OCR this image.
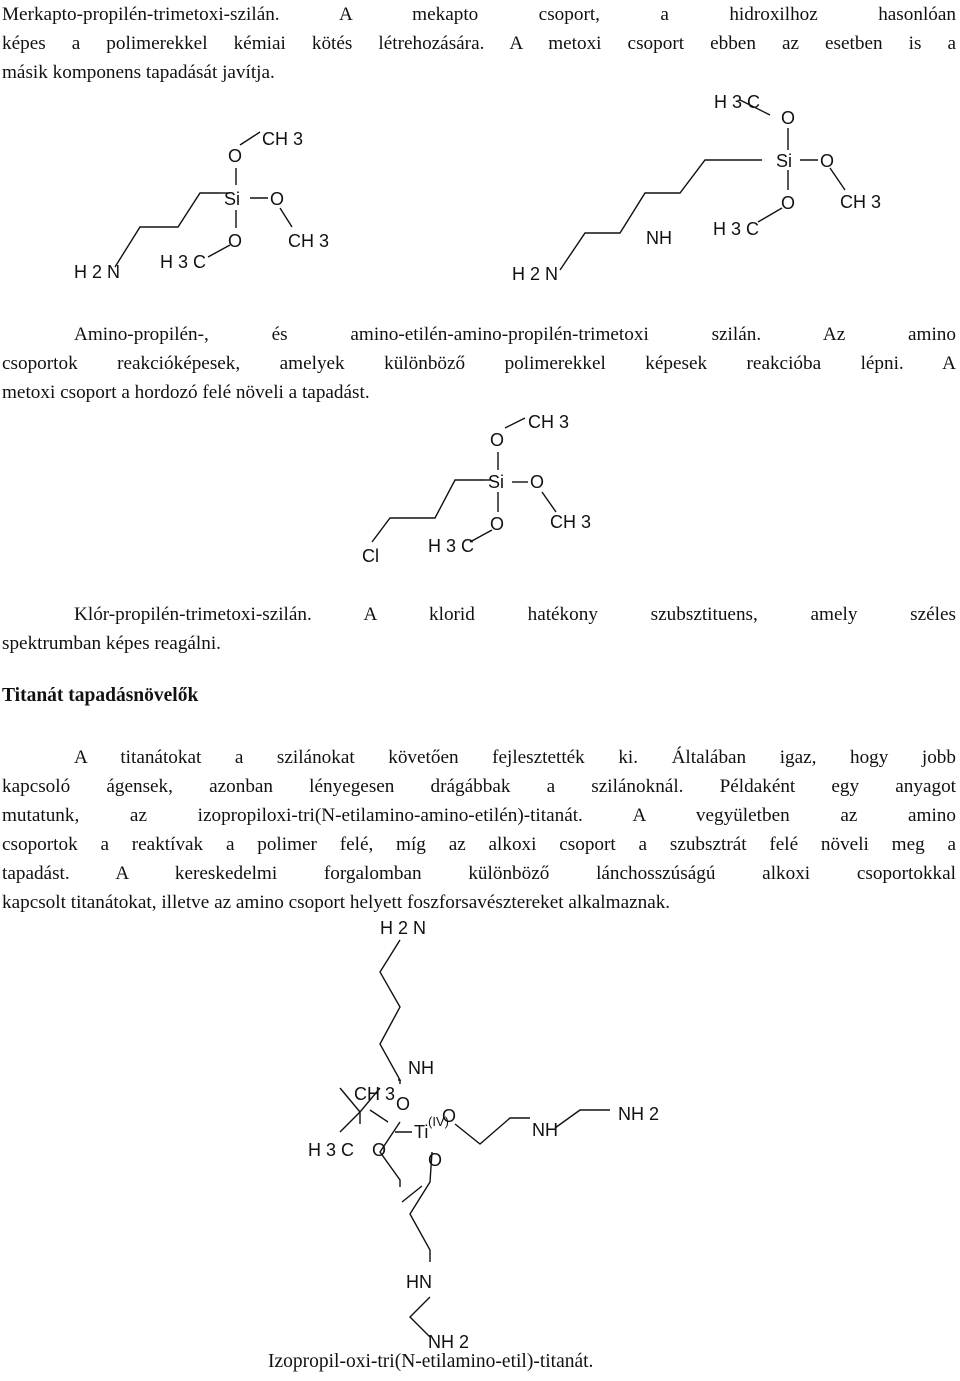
Merkapto-propilén-trimetoxi-szilán. A mekapto csoport, a hidroxilhoz hasonlóan
képes a polimerekkel kémiai kötés létrehozására. A metoxi csoport ebben az esetben is a
másik komponens tapadását javítja.
O
CH 3
Si O
O	CH 3
H 3 C
H 2 N
H 3 C
O
Si O
CH 3
O
H 3 C
NH
H 2 N
Amino-propilén-, és amino-etilén-amino-propilén-trimetoxi szilán. Az amino
csoportok reakcióképesek, amelyek különböző polimerekkel képesek reakcióba lépni. A
metoxi csoport a hordozó felé növeli a tapadást.
CH 3
O
Si O
O	CH 3
H 3 C
Cl
Klór-propilén-trimetoxi-szilán. A klorid hatékony szubsztituens, amely széles
spektrumban képes reagálni.
Titanát tapadásnövelők
A titanátokat a szilánokat követően fejlesztették ki. Általában igaz, hogy jobb
kapcsoló ágensek, azonban lényegesen drágábbak a szilánoknál. Példaként egy anyagot
mutatunk, az izopropiloxi-tri(N-etilamino-amino-etilén)-titanát. A vegyületben az amino
csoportok a reaktívak a polimer felé, míg az alkoxi csoport a szubsztrát felé növeli meg a
tapadást. A kereskedelmi forgalomban különböző lánchosszúságú alkoxi csoportokkal
kapcsolt titanátokat, illetve az amino csoport helyett foszforsavésztereket alkalmaznak.
H 2 N
NH
CH 3 O
H 3 C O
Ti
(IV)
O
NH
NH 2
O
HN
NH 2

Izopropil-oxi-tri(N-etilamino-etil)-titanát.
